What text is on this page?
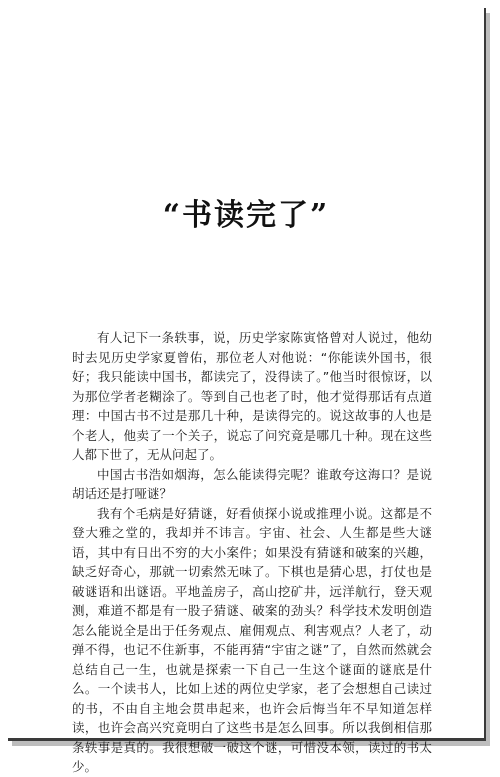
“书读完了”

有人记下一条轶事，说，历史学家陈寅恪曾对人说过，他幼时去见历史学家夏曾佑，那位老人对他说：“你能读外国书，很好；我只能读中国书，都读完了，没得读了。”他当时很惊讶，以为那位学者老糊涂了。等到自己也老了时，他才觉得那话有点道理：中国古书不过是那几十种，是读得完的。说这故事的人也是个老人，他卖了一个关子，说忘了问究竟是哪几十种。现在这些人都下世了，无从问起了。

中国古书浩如烟海，怎么能读得完呢？谁敢夸这海口？是说胡话还是打哑谜？

我有个毛病是好猜谜，好看侦探小说或推理小说。这都是不登大雅之堂的，我却并不讳言。宇宙、社会、人生都是些大谜语，其中有日出不穷的大小案件；如果没有猜谜和破案的兴趣，缺乏好奇心，那就一切索然无味了。下棋也是猜心思，打仗也是破谜语和出谜语。平地盖房子，高山挖矿井，远洋航行，登天观测，难道不都是有一股子猜谜、破案的劲头？科学技术发明创造怎么能说全是出于任务观点、雇佣观点、利害观点？人老了，动弹不得，也记不住新事，不能再猜“宇宙之谜”了，自然而然就会总结自己一生，也就是探索一下自己一生这个谜面的谜底是什么。一个读书人，比如上述的两位史学家，老了会想想自己读过的书，不由自主地会贯串起来，也许会后悔当年不早知道怎样读，也许会高兴究竟明白了这些书是怎么回事。所以我倒相信那条轶事是真的。我很想破一破这个谜，可惜没本领，读过的书太少。
